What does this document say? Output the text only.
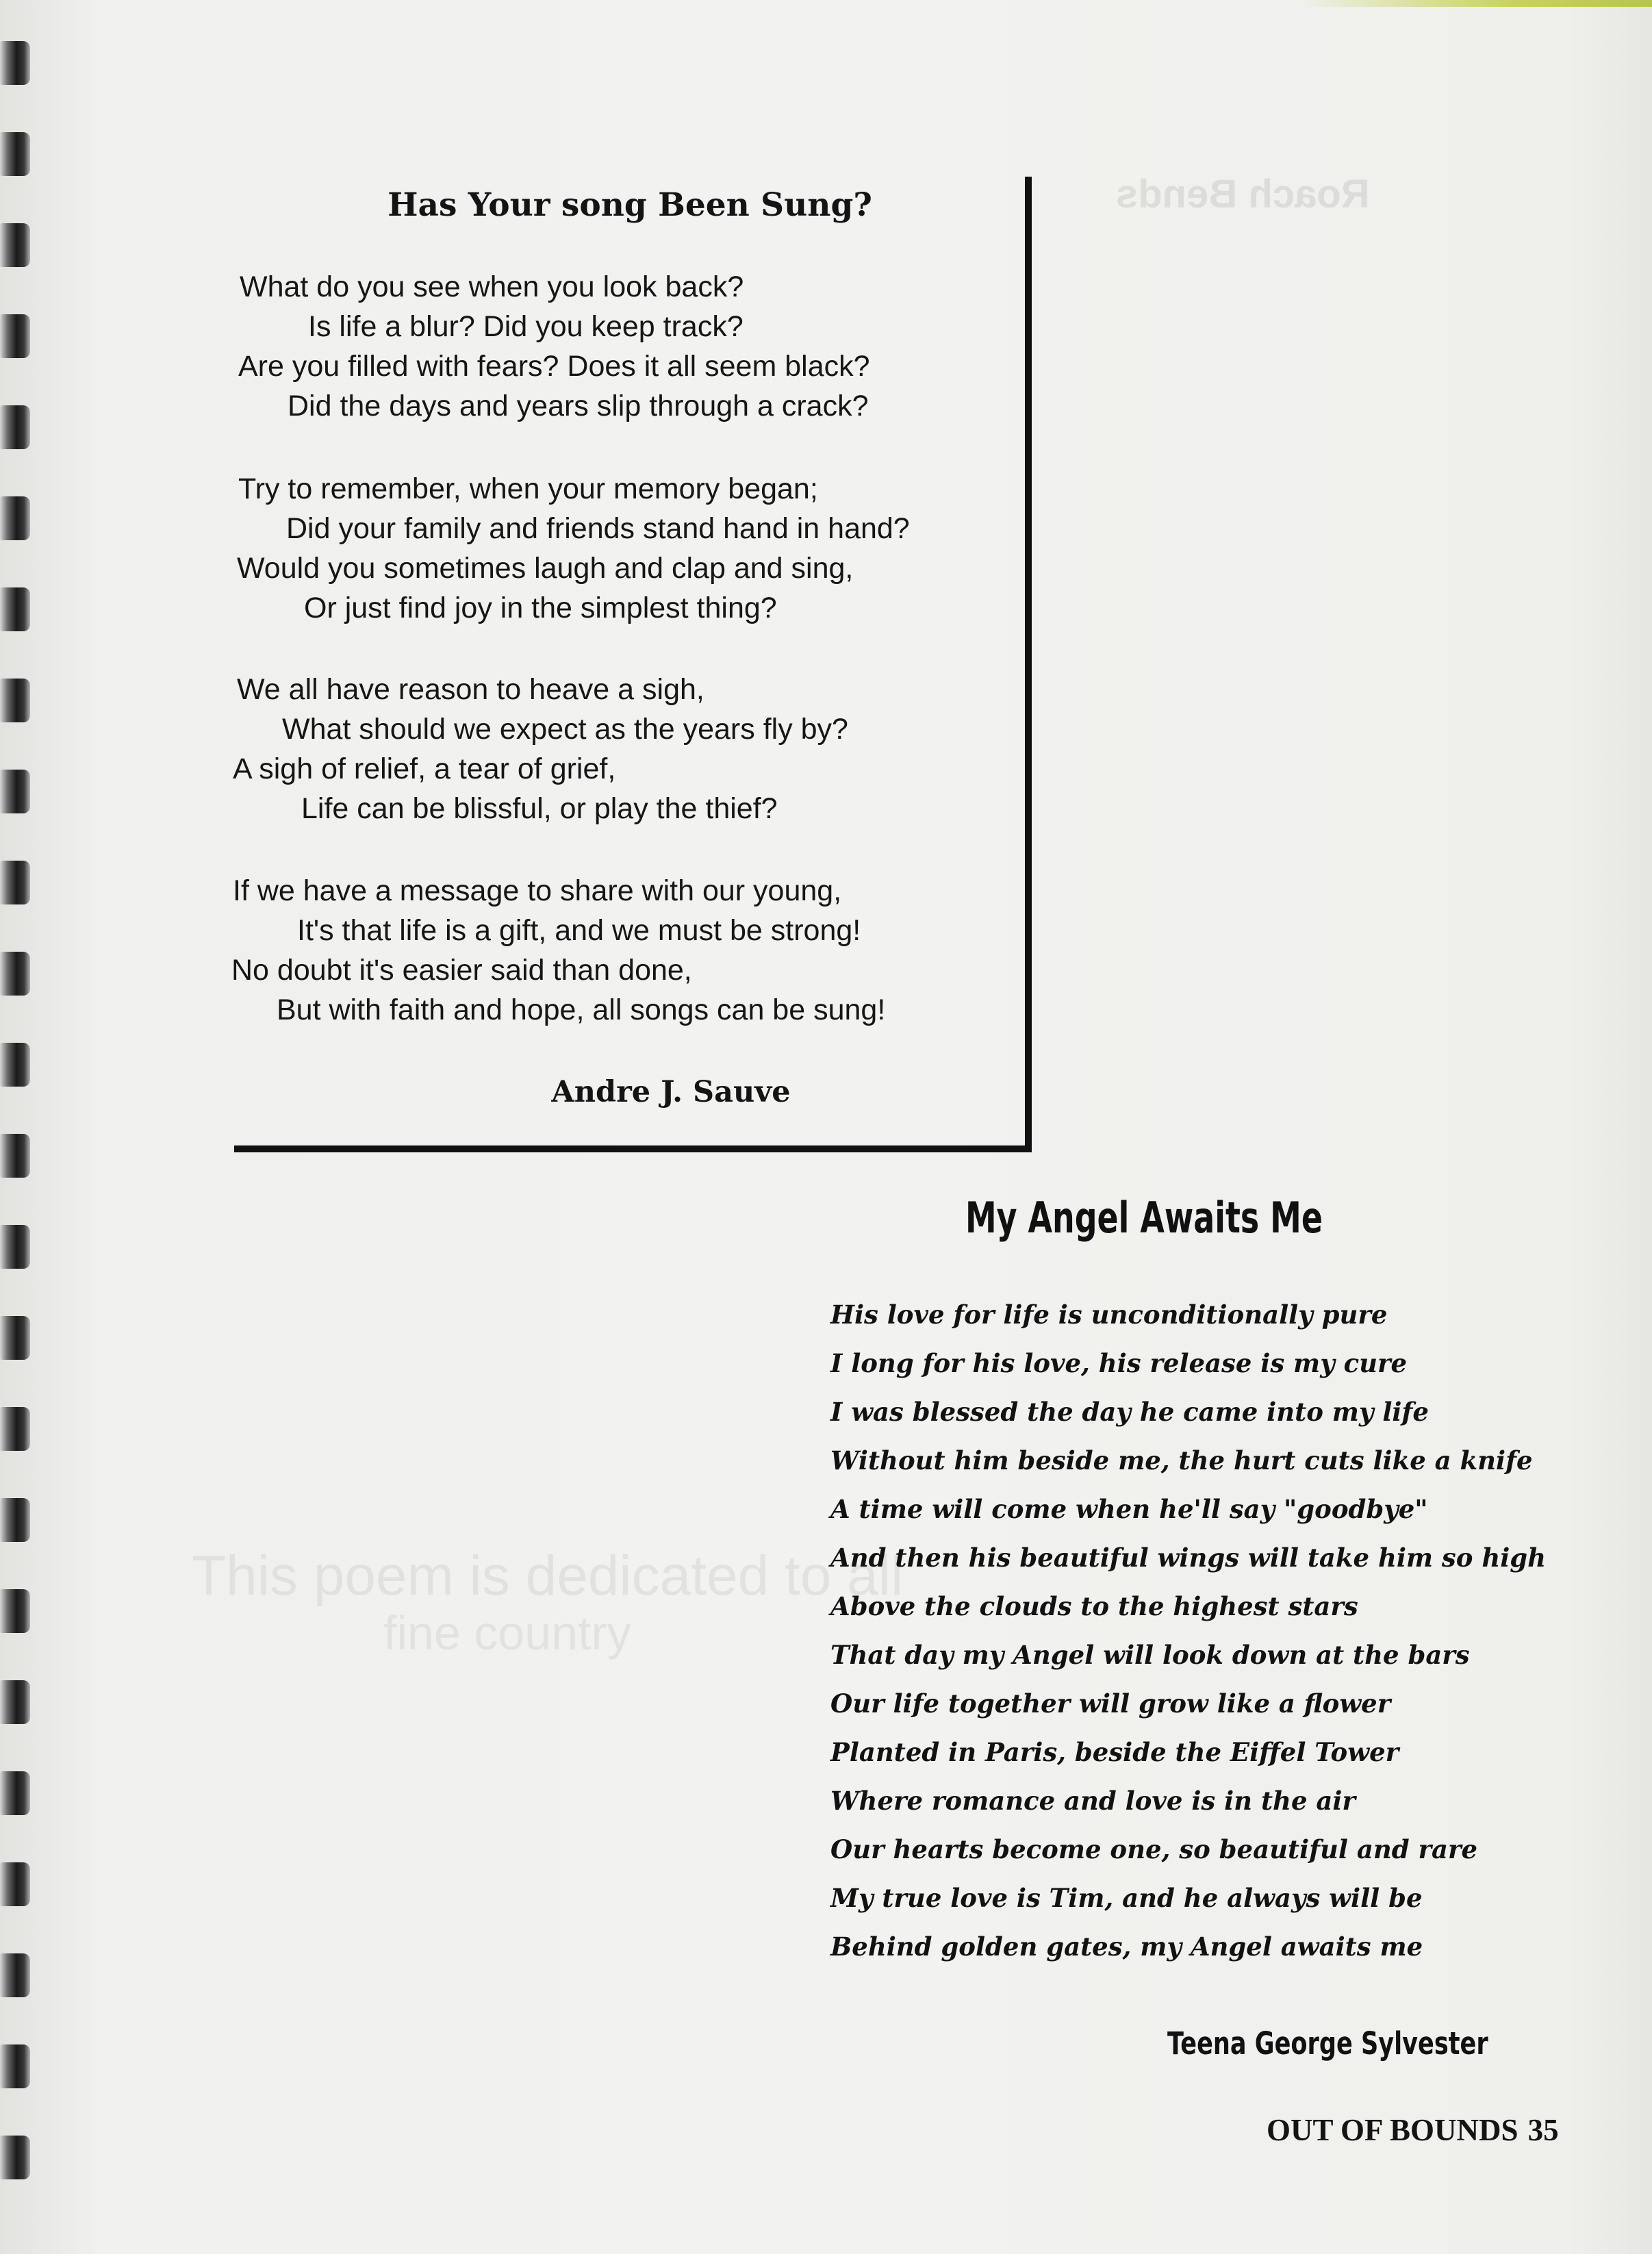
Roach Bends
This poem is dedicated to all
fine country
Has Your song Been Sung?
What do you see when you look back?
Is life a blur? Did you keep track?
Are you filled with fears? Does it all seem black?
Did the days and years slip through a crack?
Try to remember, when your memory began;
Did your family and friends stand hand in hand?
Would you sometimes laugh and clap and sing,
Or just find joy in the simplest thing?
We all have reason to heave a sigh,
What should we expect as the years fly by?
A sigh of relief, a tear of grief,
Life can be blissful, or play the thief?
If we have a message to share with our young,
It's that life is a gift, and we must be strong!
No doubt it's easier said than done,
But with faith and hope, all songs can be sung!
Andre J. Sauve
My Angel Awaits Me
His love for life is unconditionally pure
I long for his love, his release is my cure
I was blessed the day he came into my life
Without him beside me, the hurt cuts like a knife
A time will come when he'll say "goodbye"
And then his beautiful wings will take him so high
Above the clouds to the highest stars
That day my Angel will look down at the bars
Our life together will grow like a flower
Planted in Paris, beside the Eiffel Tower
Where romance and love is in the air
Our hearts become one, so beautiful and rare
My true love is Tim, and he always will be
Behind golden gates, my Angel awaits me
Teena George Sylvester
OUT OF BOUNDS 35
